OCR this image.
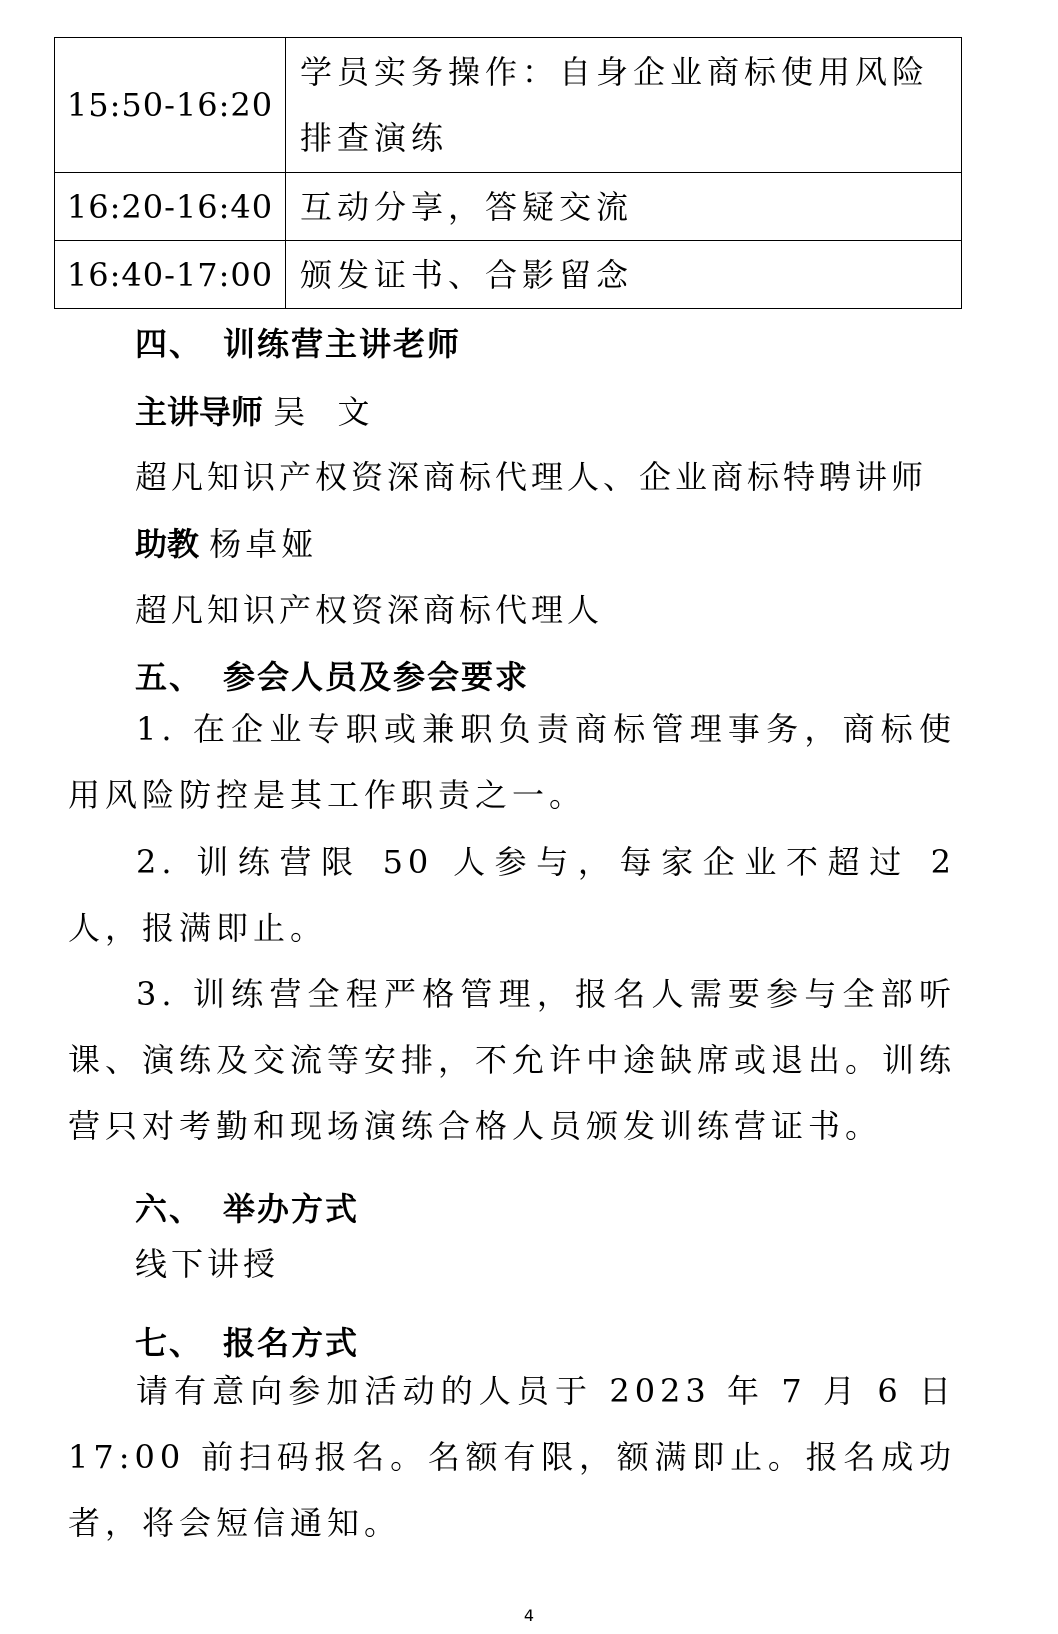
15:50-16:20	学员实务操作：自身企业商标使用风险排查演练
16:20-16:40	互动分享，答疑交流
16:40-17:00	颁发证书、合影留念
四、 训练营主讲老师
主讲导师 吴  文
超凡知识产权资深商标代理人、企业商标特聘讲师
助教 杨卓娅
超凡知识产权资深商标代理人
五、 参会人员及参会要求
1. 在企业专职或兼职负责商标管理事务，商标使用风险防控是其工作职责之一。
2. 训练营限 50 人参与，每家企业不超过 2 人，报满即止。
3. 训练营全程严格管理，报名人需要参与全部听课、演练及交流等安排，不允许中途缺席或退出。训练营只对考勤和现场演练合格人员颁发训练营证书。
六、 举办方式
线下讲授
七、 报名方式
请有意向参加活动的人员于 2023 年 7 月 6 日 17:00 前扫码报名。名额有限，额满即止。报名成功者，将会短信通知。
4
